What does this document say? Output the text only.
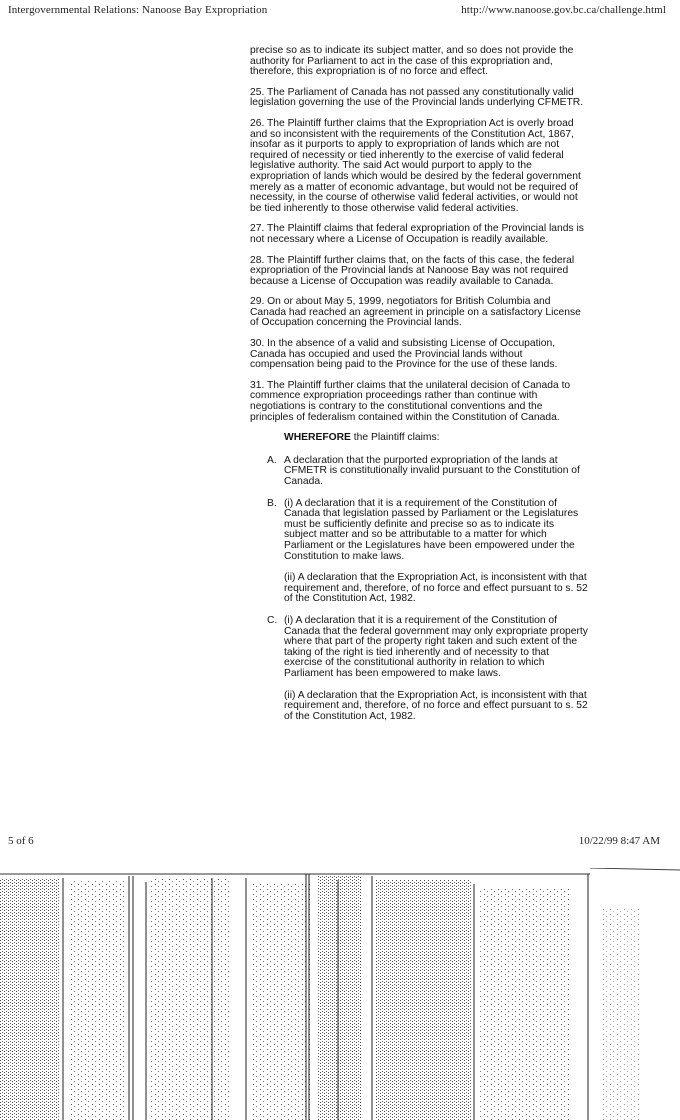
Intergovernmental Relations: Nanoose Bay Expropriation	http://www.nanoose.gov.bc.ca/challenge.html

precise so as to indicate its subject matter, and so does not provide the authority for Parliament to act in the case of this expropriation and, therefore, this expropriation is of no force and effect.

25. The Parliament of Canada has not passed any constitutionally valid legislation governing the use of the Provincial lands underlying CFMETR.

26. The Plaintiff further claims that the Expropriation Act is overly broad and so inconsistent with the requirements of the Constitution Act, 1867, insofar as it purports to apply to expropriation of lands which are not required of necessity or tied inherently to the exercise of valid federal legislative authority. The said Act would purport to apply to the expropriation of lands which would be desired by the federal government merely as a matter of economic advantage, but would not be required of necessity, in the course of otherwise valid federal activities, or would not be tied inherently to those otherwise valid federal activities.

27. The Plaintiff claims that federal expropriation of the Provincial lands is not necessary where a License of Occupation is readily available.

28. The Plaintiff further claims that, on the facts of this case, the federal expropriation of the Provincial lands at Nanoose Bay was not required because a License of Occupation was readily available to Canada.

29. On or about May 5, 1999, negotiators for British Columbia and Canada had reached an agreement in principle on a satisfactory License of Occupation concerning the Provincial lands.

30. In the absence of a valid and subsisting License of Occupation, Canada has occupied and used the Provincial lands without compensation being paid to the Province for the use of these lands.

31. The Plaintiff further claims that the unilateral decision of Canada to commence expropriation proceedings rather than continue with negotiations is contrary to the constitutional conventions and the principles of federalism contained within the Constitution of Canada.

WHEREFORE the Plaintiff claims:
A. A declaration that the purported expropriation of the lands at CFMETR is constitutionally invalid pursuant to the Constitution of Canada.
B. (i) A declaration that it is a requirement of the Constitution of Canada that legislation passed by Parliament or the Legislatures must be sufficiently definite and precise so as to indicate its subject matter and so be attributable to a matter for which Parliament or the Legislatures have been empowered under the Constitution to make laws.
(ii) A declaration that the Expropriation Act, is inconsistent with that requirement and, therefore, of no force and effect pursuant to s. 52 of the Constitution Act, 1982.
C. (i) A declaration that it is a requirement of the Constitution of Canada that the federal government may only expropriate property where that part of the property right taken and such extent of the taking of the right is tied inherently and of necessity to that exercise of the constitutional authority in relation to which Parliament has been empowered to make laws.
(ii) A declaration that the Expropriation Act, is inconsistent with that requirement and, therefore, of no force and effect pursuant to s. 52 of the Constitution Act, 1982.
5 of 6	10/22/99 8:47 AM
